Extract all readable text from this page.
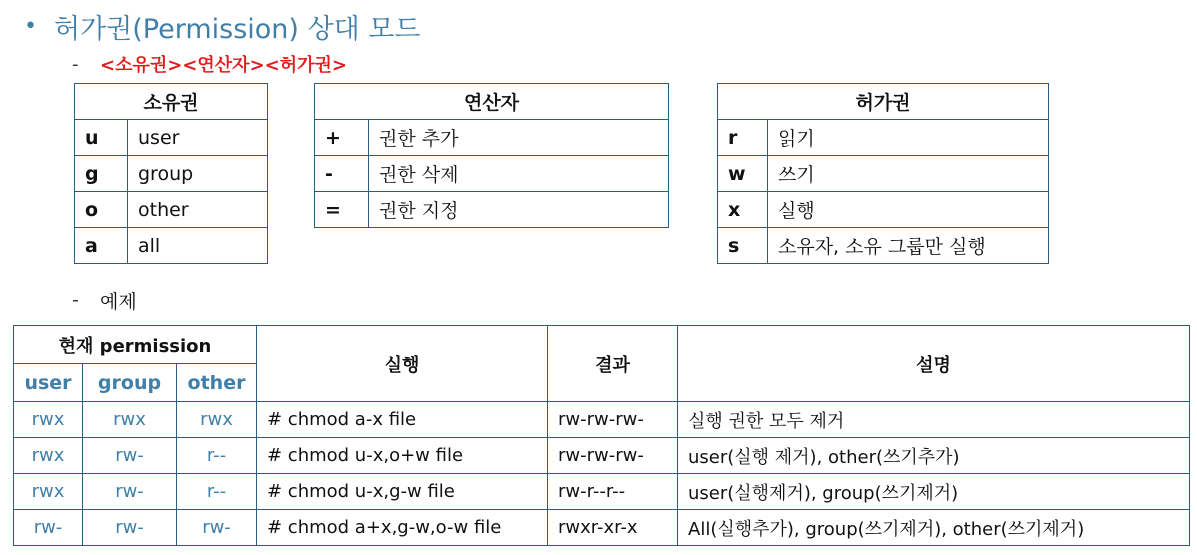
• 허가권(Permission) 상대 모드
-	<소유권><연산자><허가권>
소유권	
u	user
g	group
o	other
a	all
연산자	
+	권한 추가
-	권한 삭제
=	권한 지정
허가권	
r	읽기
w	쓰기
x	실행
s	소유자, 소유 그룹만 실행
-	예제
현재 permission			실행	결과	설명
user	group	other			
rwx	rwx	rwx	# chmod a-x file	rw-rw-rw-	실행 권한 모두 제거
rwx	rw-	r--	# chmod u-x,o+w file	rw-rw-rw-	user(실행 제거), other(쓰기추가)
rwx	rw-	r--	# chmod u-x,g-w file	rw-r--r--	user(실행제거), group(쓰기제거)
rw-	rw-	rw-	# chmod a+x,g-w,o-w file	rwxr-xr-x	All(실행추가), group(쓰기제거), other(쓰기제거)
